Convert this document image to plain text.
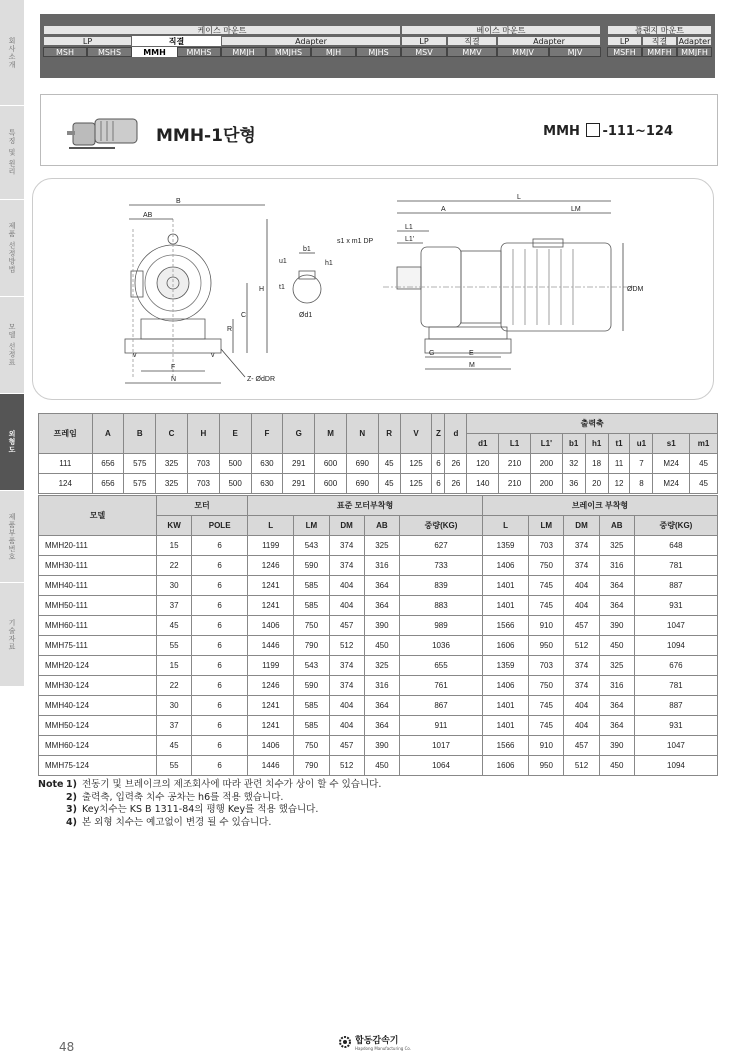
회사소개
특징 및 원리
제품 선정방법
모델 선정표
외형도
제품부품번호
기술자료
케이스 마운트	베이스 마운트	플랜지 마운트
LP	직결	Adapter	LP	직결	Adapter	LP	직결	Adapter
MSH	MSHS	MMH	MMHS	MMJH	MMJHS	MJH	MJHS	MSV	MMV	MMJV	MJV	MSFH	MMFH	MMJFH
MMH-1단형	MMH -111~124
B
AB
H
C
R
v	v
F
N	Z- ØdDR
b1
u1	h1
t1
Ød1
L
A	LM
L1
L1'
s1 x m1 DP
ØDM
G	E
M
프레임	A	B	C	H	E	F	G	M	N	R	V	Z	d	출력축								
														d1	L1	L1'	b1	h1	t1	u1	s1	m1
111	656	575	325	703	500	630	291	600	690	45	125	6	26	120	210	200	32	18	11	7	M24	45
124	656	575	325	703	500	630	291	600	690	45	125	6	26	140	210	200	36	20	12	8	M24	45
모델	모터		표준 모터부착형					브레이크 부착형				
	KW	POLE	L	LM	DM	AB	중량(KG)	L	LM	DM	AB	중량(KG)
MMH20-111	15	6	1199	543	374	325	627	1359	703	374	325	648
MMH30-111	22	6	1246	590	374	316	733	1406	750	374	316	781
MMH40-111	30	6	1241	585	404	364	839	1401	745	404	364	887
MMH50-111	37	6	1241	585	404	364	883	1401	745	404	364	931
MMH60-111	45	6	1406	750	457	390	989	1566	910	457	390	1047
MMH75-111	55	6	1446	790	512	450	1036	1606	950	512	450	1094
MMH20-124	15	6	1199	543	374	325	655	1359	703	374	325	676
MMH30-124	22	6	1246	590	374	316	761	1406	750	374	316	781
MMH40-124	30	6	1241	585	404	364	867	1401	745	404	364	887
MMH50-124	37	6	1241	585	404	364	911	1401	745	404	364	931
MMH60-124	45	6	1406	750	457	390	1017	1566	910	457	390	1047
MMH75-124	55	6	1446	790	512	450	1064	1606	950	512	450	1094
Note 1) 전동기 및 브레이크의 제조회사에 따라 관련 치수가 상이 할 수 있습니다.
2) 출력축, 입력축 치수 공차는 h6를 적용 했습니다.
3) Key치수는 KS B 1311-84의 평행 Key를 적용 했습니다.
4) 본 외형 치수는 예고없이 변경 될 수 있습니다.
48	합동감속기
Hapdong Manufacturing Co.
